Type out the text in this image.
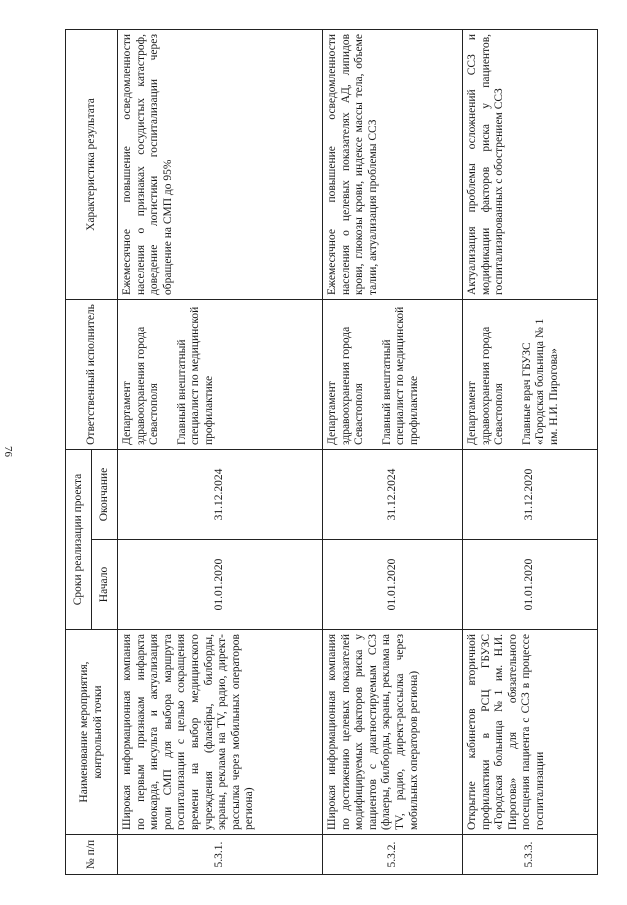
76
№ п/п	Наименование мероприятия, контрольной точки	Сроки реализации проекта		Ответственный исполнитель	Характеристика результата
		Начало	Окончание		
5.3.1.	Широкая информационная компания по первым признакам инфаркта миокарда, инсульта и актуализация роли СМП для выбора маршрута госпитализации с целью сокращения времени на выбор медицинского учреждения (флаейры, билборды, экраны, реклама на TV, радио, директ-рассылка через мобильных операторов региона)	01.01.2020	31.12.2024	Департамент здравоохранения города Севастополя Главный внештатный специалист по медицинской профилактике	Ежемесячное повышение осведомленности населения о признаках сосудистых катастроф, доведение логистики госпитализации через обращение на СМП до 95%
5.3.2.	Широкая информационная компания по достижению целевых показателей модифицируемых факторов риска у пациентов с диагностируемым ССЗ (флаеры, билборды, экраны, реклама на TV, радио, директ-рассылка через мобильных операторов региона)	01.01.2020	31.12.2024	Департамент здравоохранения города Севастополя Главный внештатный специалист по медицинской профилактике	Ежемесячное повышение осведомленности населения о целевых показателях АД, липидов крови, глюкозы крови, индексе массы тела, объеме талии, актуализация проблемы ССЗ
5.3.3.	Открытие кабинетов вторичной профилактики в РСЦ ГБУЗС «Городская больница №1 им. Н.И. Пирогова» для обязательного посещения пациента с ССЗ в процессе госпитализации	01.01.2020	31.12.2020	Департамент здравоохранения города Севастополя Главные врач ГБУЗС «Городская больница № 1 им. Н.И. Пирогова»	Актуализация проблемы осложнений ССЗ и модификации факторов риска у пациентов, госпитализированных с обострением ССЗ
